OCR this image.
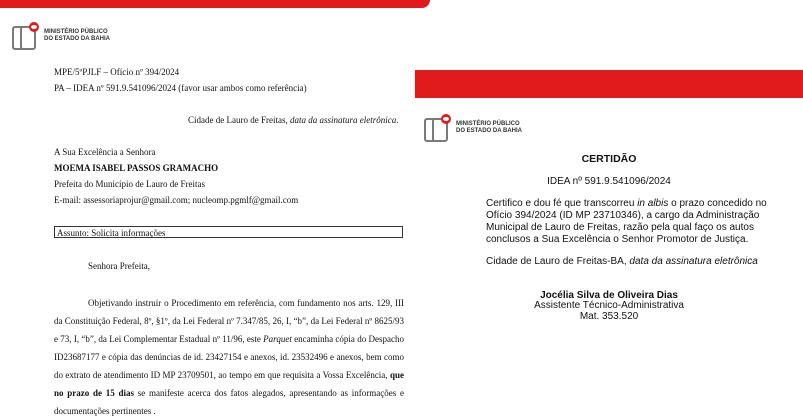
MINISTÉRIO PÚBLICO
DO ESTADO DA BAHIA
MPE/5ºPJLF – Ofício nº 394/2024
PA – IDEA nº 591.9.541096/2024 (favor usar ambos como referência)
Cidade de Lauro de Freitas, data da assinatura eletrônica.
A Sua Excelência a Senhora
MOEMA ISABEL PASSOS GRAMACHO
Prefeita do Município de Lauro de Freitas
E-mail: assessoriaprojur@gmail.com; nucleomp.pgmlf@gmail.com
Assunto: Solicita informações
Senhora Prefeita,
Objetivando instruir o Procedimento em referência, com fundamento nos arts. 129, III da Constituição Federal, 8º, §1º, da Lei Federal nº 7.347/85, 26, I, “b”, da Lei Federal nº 8625/93 e 73, I, “b”, da Lei Complementar Estadual nº 11/96, este Parquet encaminha cópia do Despacho ID23687177 e cópia das denúncias de id. 23427154 e anexos, id. 23532496 e anexos, bem como do extrato de atendimento ID MP 23709501, ao tempo em que requisita a Vossa Excelência, que no prazo de 15 dias se manifeste acerca dos fatos alegados, apresentando as informações e documentações pertinentes .
MINISTÉRIO PÚBLICO
DO ESTADO DA BAHIA
CERTIDÃO
IDEA nº 591.9.541096/2024
Certifico e dou fé que transcorreu in albis o prazo concedido no Ofício 394/2024 (ID MP 23710346), a cargo da Administração Municipal de Lauro de Freitas, razão pela qual faço os autos conclusos a Sua Excelência o Senhor Promotor de Justiça.
Cidade de Lauro de Freitas-BA, data da assinatura eletrônica
Jocélia Silva de Oliveira Dias
Assistente Técnico-Administrativa
Mat. 353.520
